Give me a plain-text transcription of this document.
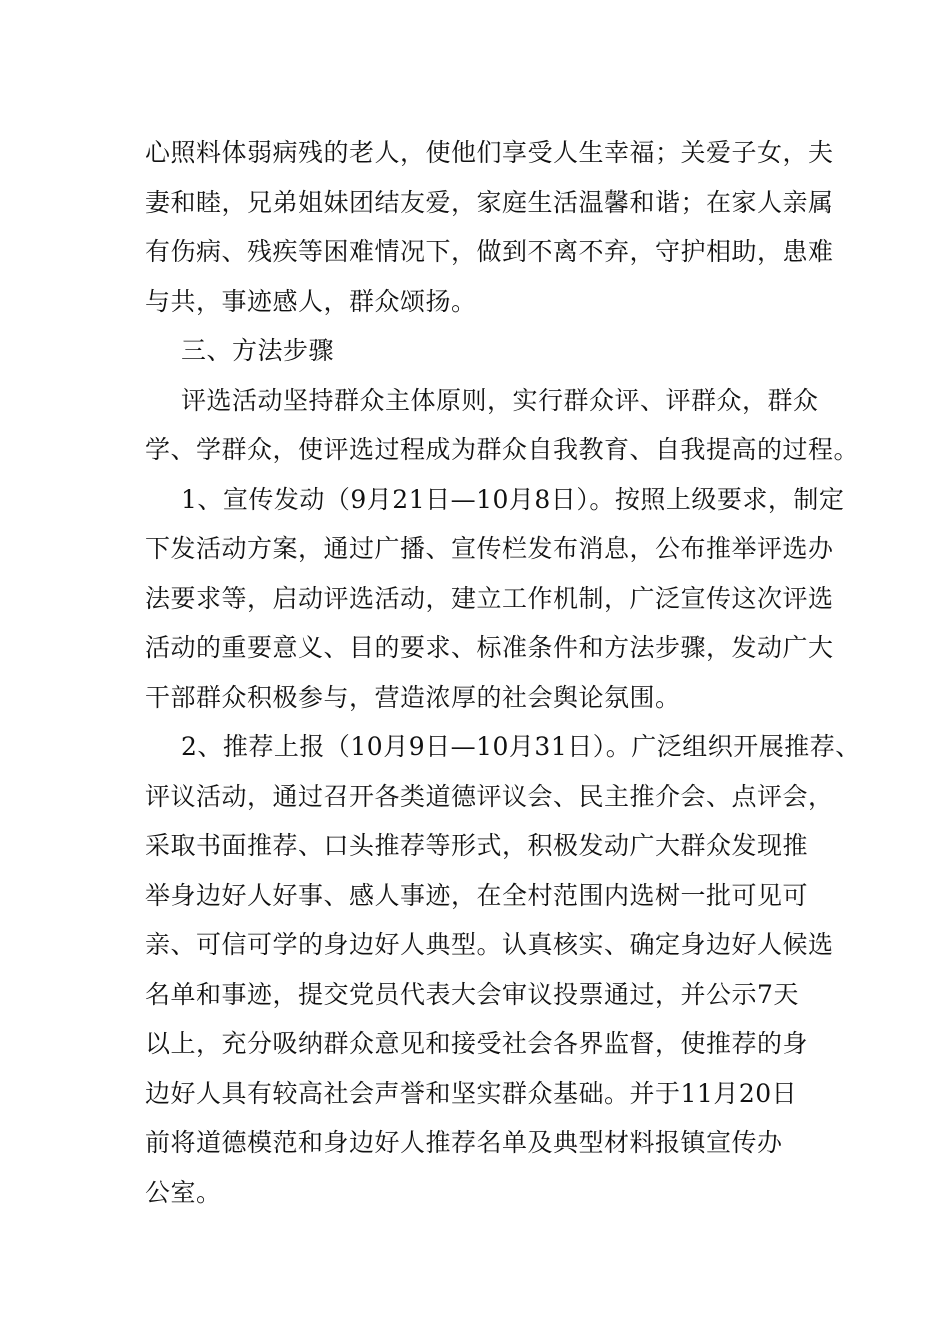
心照料体弱病残的老人，使他们享受人生幸福；关爱子女，夫
妻和睦，兄弟姐妹团结友爱，家庭生活温馨和谐；在家人亲属
有伤病、残疾等困难情况下，做到不离不弃，守护相助，患难
与共，事迹感人，群众颂扬。
三、方法步骤
评选活动坚持群众主体原则，实行群众评、评群众，群众
学、学群众，使评选过程成为群众自我教育、自我提高的过程。
1、宣传发动（9月21日—10月8日）。按照上级要求，制定
下发活动方案，通过广播、宣传栏发布消息，公布推举评选办
法要求等，启动评选活动，建立工作机制，广泛宣传这次评选
活动的重要意义、目的要求、标准条件和方法步骤，发动广大
干部群众积极参与，营造浓厚的社会舆论氛围。
2、推荐上报（10月9日—10月31日）。广泛组织开展推荐、
评议活动，通过召开各类道德评议会、民主推介会、点评会，
采取书面推荐、口头推荐等形式，积极发动广大群众发现推
举身边好人好事、感人事迹，在全村范围内选树一批可见可
亲、可信可学的身边好人典型。认真核实、确定身边好人候选
名单和事迹，提交党员代表大会审议投票通过，并公示7天
以上，充分吸纳群众意见和接受社会各界监督，使推荐的身
边好人具有较高社会声誉和坚实群众基础。并于11月20日
前将道德模范和身边好人推荐名单及典型材料报镇宣传办
公室。
